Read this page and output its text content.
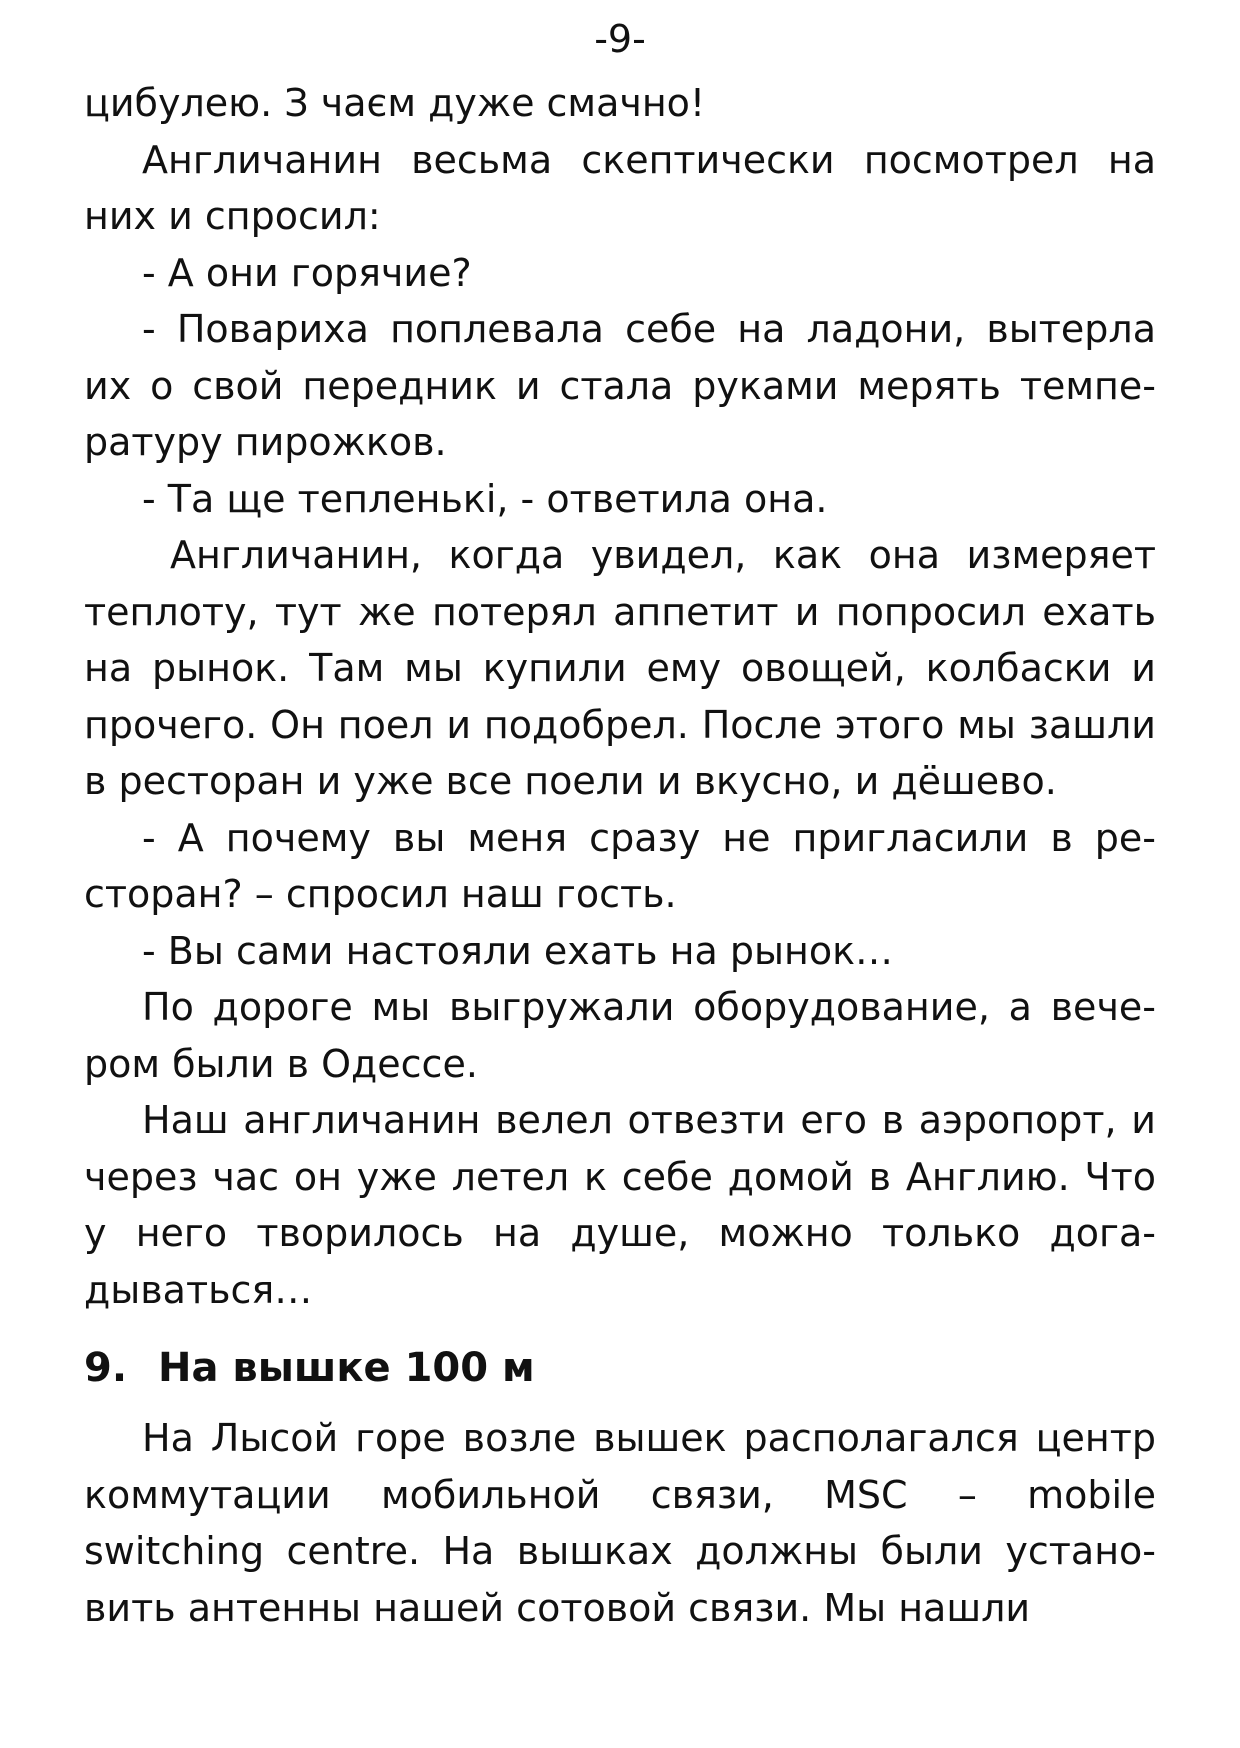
-9-

цибулею. З чаєм дуже смачно!

Англичанин весьма скептически посмотрел на них и спросил:

- А они горячие?

- Повариха поплевала себе на ладони, вытерла их о свой передник и стала руками мерять температуру пирожков.

- Та ще тепленькі, - ответила она.

Англичанин, когда увидел, как она измеряет теплоту, тут же потерял аппетит и попросил ехать на рынок. Там мы купили ему овощей, колбаски и прочего. Он поел и подобрел. После этого мы зашли в ресторан и уже все поели и вкусно, и дёшево.

- А почему вы меня сразу не пригласили в ресторан? – спросил наш гость.

- Вы сами настояли ехать на рынок…

По дороге мы выгружали оборудование, а вечером были в Одессе.

Наш англичанин велел отвезти его в аэропорт, и через час он уже летел к себе домой в Англию. Что у него творилось на душе, можно только догадываться…

9. На вышке 100 м

На Лысой горе возле вышек располагался центр коммутации мобильной связи, MSC – mobile switching centre. На вышках должны были установить антенны нашей сотовой связи. Мы нашли
